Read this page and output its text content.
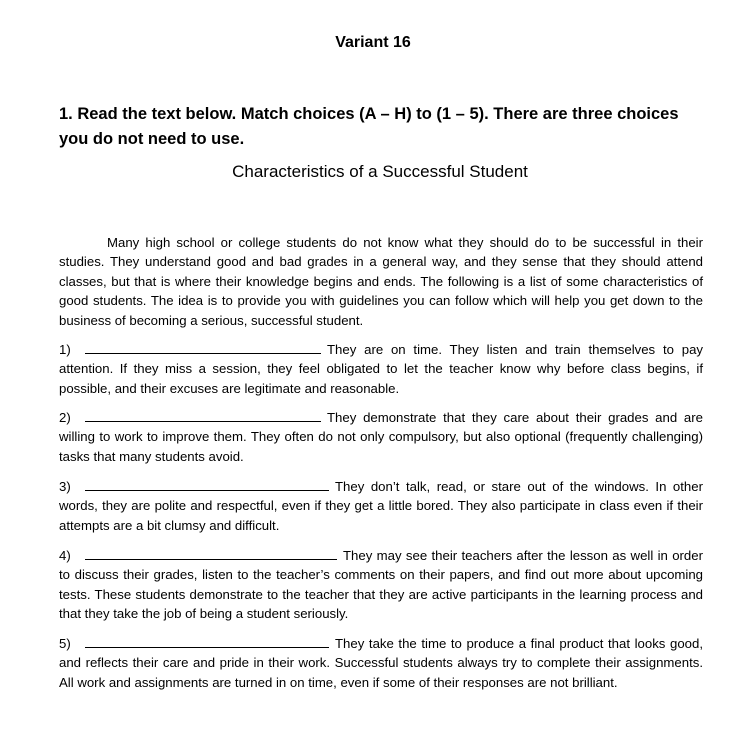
Variant 16
1. Read the text below. Match choices (A – H) to (1 – 5). There are three choices you do not need to use.
Characteristics of a Successful Student

Many high school or college students do not know what they should do to be successful in their studies. They understand good and bad grades in a general way, and they sense that they should attend classes, but that is where their knowledge begins and ends. The following is a list of some characteristics of good students. The idea is to provide you with guidelines you can follow which will help you get down to the business of becoming a serious, successful student.

1)	They are on time. They listen and train themselves to pay attention. If they miss a session, they feel obligated to let the teacher know why before class begins, if possible, and their excuses are legitimate and reasonable.

2)	They demonstrate that they care about their grades and are willing to work to improve them. They often do not only compulsory, but also optional (frequently challenging) tasks that many students avoid.

3)	They don’t talk, read, or stare out of the windows. In other words, they are polite and respectful, even if they get a little bored. They also participate in class even if their attempts are a bit clumsy and difficult.

4)	They may see their teachers after the lesson as well in order to discuss their grades, listen to the teacher’s comments on their papers, and find out more about upcoming tests. These students demonstrate to the teacher that they are active participants in the learning process and that they take the job of being a student seriously.

5)	They take the time to produce a final product that looks good, and reflects their care and pride in their work. Successful students always try to complete their assignments. All work and assignments are turned in on time, even if some of their responses are not brilliant.
